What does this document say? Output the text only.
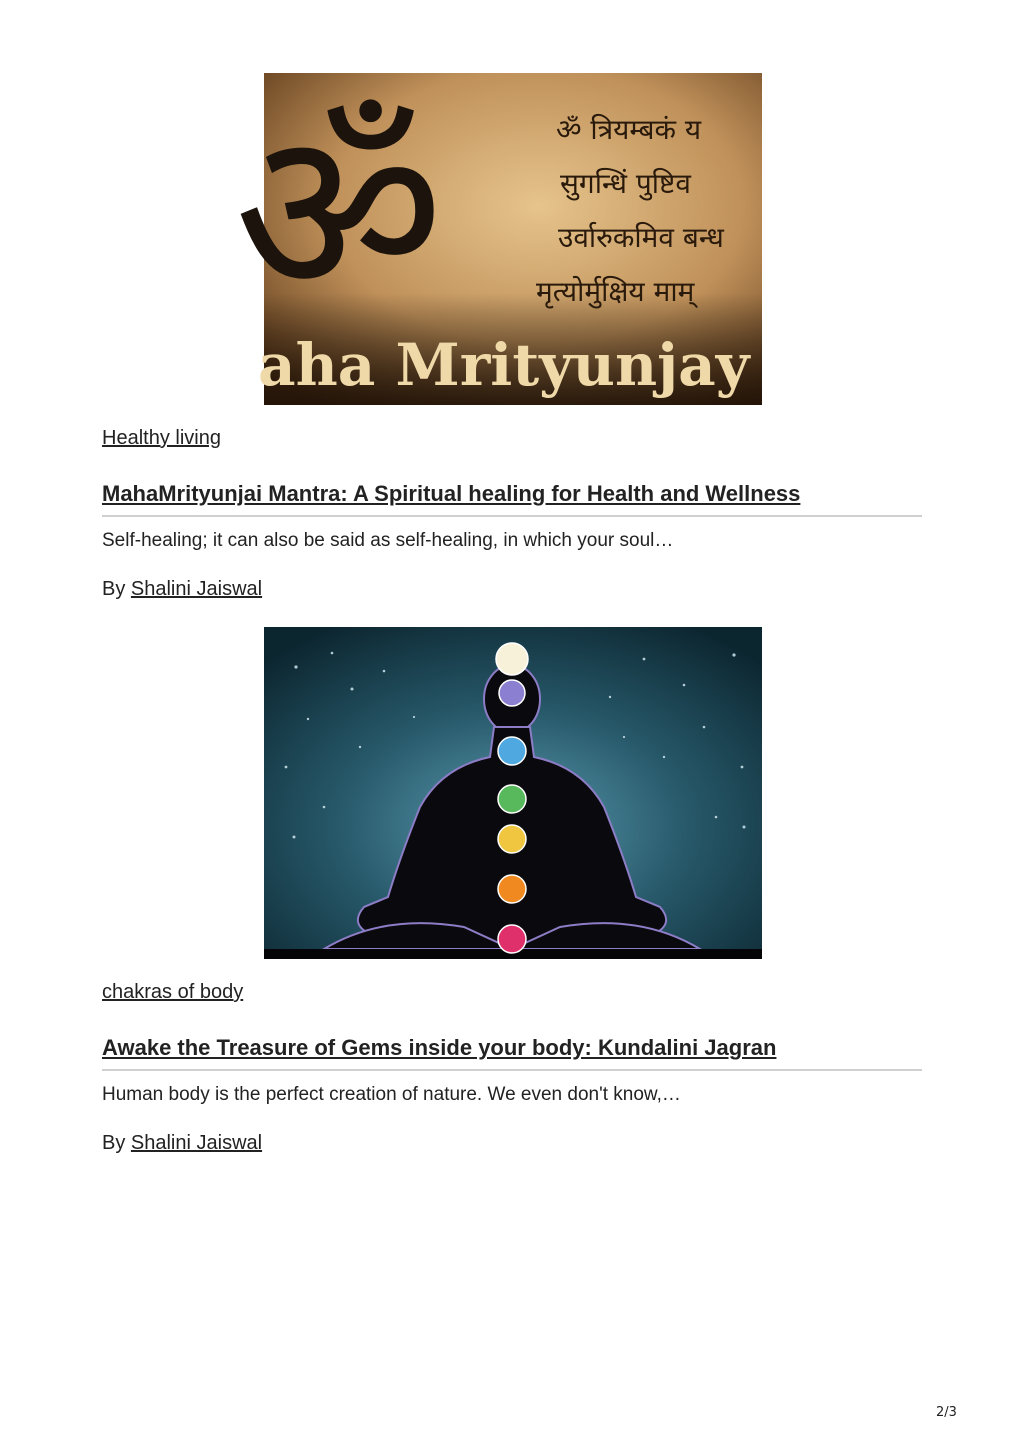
ॐ	ॐ त्रियम्बकं य
सुगन्धिं पुष्टिव
उर्वारुकमिव बन्ध
मृत्योर्मुक्षिय माम्
aha Mrityunjay
Healthy living
MahaMrityunjai Mantra: A Spiritual healing for Health and Wellness
Self-healing; it can also be said as self-healing, in which your soul…
By Shalini Jaiswal
chakras of body
Awake the Treasure of Gems inside your body: Kundalini Jagran
Human body is the perfect creation of nature. We even don't know,…
By Shalini Jaiswal
2/3
